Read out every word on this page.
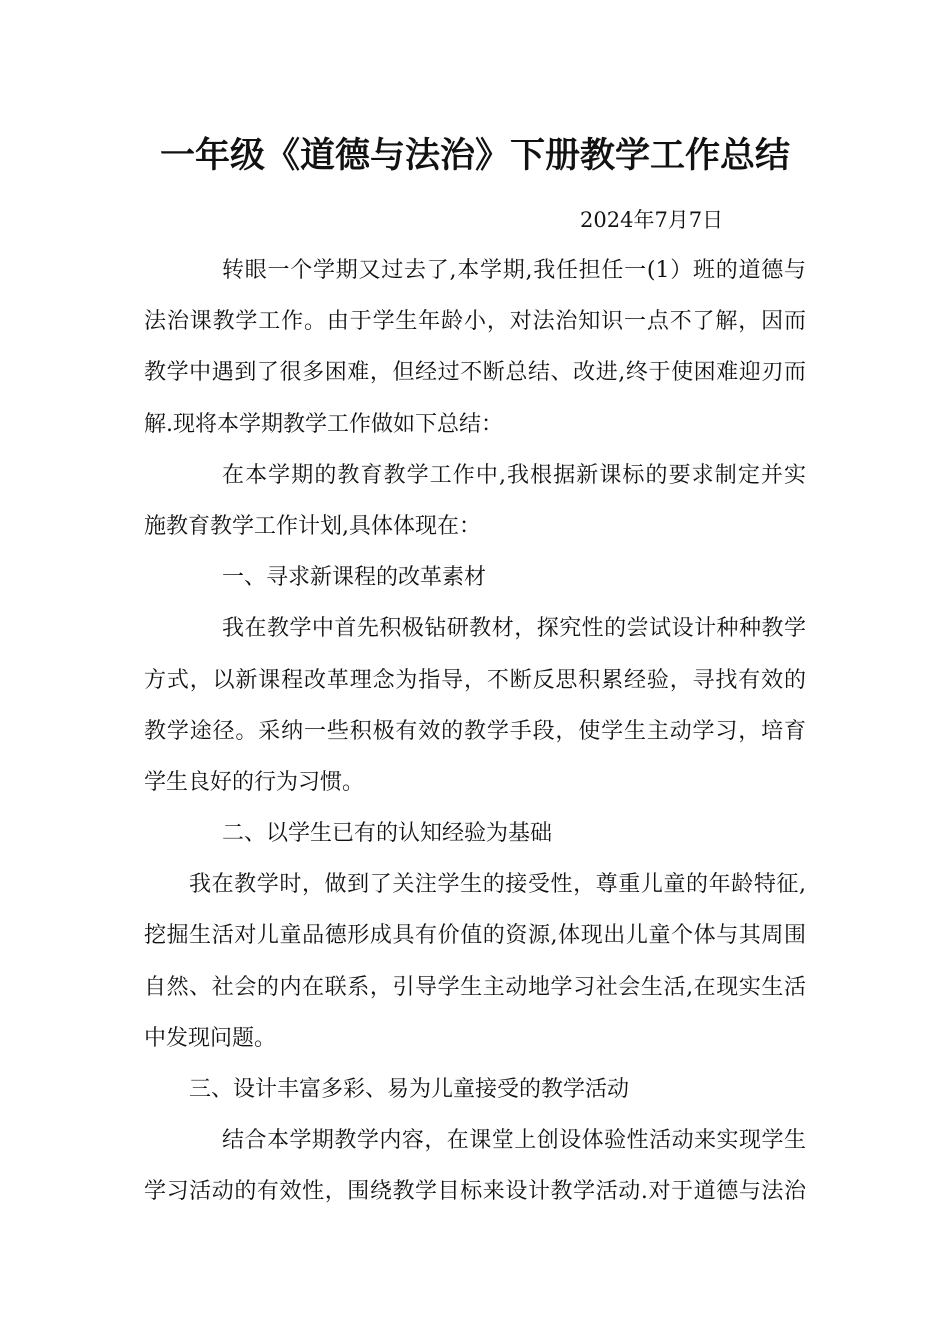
一年级《道德与法治》下册教学工作总结
2024年7月7日
转眼一个学期又过去了,本学期,我任担任一(1）班的道德与
法治课教学工作。由于学生年龄小，对法治知识一点不了解，因而
教学中遇到了很多困难，但经过不断总结、改进,终于使困难迎刃而
解.现将本学期教学工作做如下总结：
在本学期的教育教学工作中,我根据新课标的要求制定并实
施教育教学工作计划,具体体现在：
一、寻求新课程的改革素材
我在教学中首先积极钻研教材，探究性的尝试设计种种教学
方式，以新课程改革理念为指导，不断反思积累经验，寻找有效的
教学途径。采纳一些积极有效的教学手段，使学生主动学习，培育
学生良好的行为习惯。
二、以学生已有的认知经验为基础
我在教学时，做到了关注学生的接受性，尊重儿童的年龄特征,
挖掘生活对儿童品德形成具有价值的资源,体现出儿童个体与其周围
自然、社会的内在联系，引导学生主动地学习社会生活,在现实生活
中发现问题。
三、设计丰富多彩、易为儿童接受的教学活动
结合本学期教学内容，在课堂上创设体验性活动来实现学生
学习活动的有效性，围绕教学目标来设计教学活动.对于道德与法治
